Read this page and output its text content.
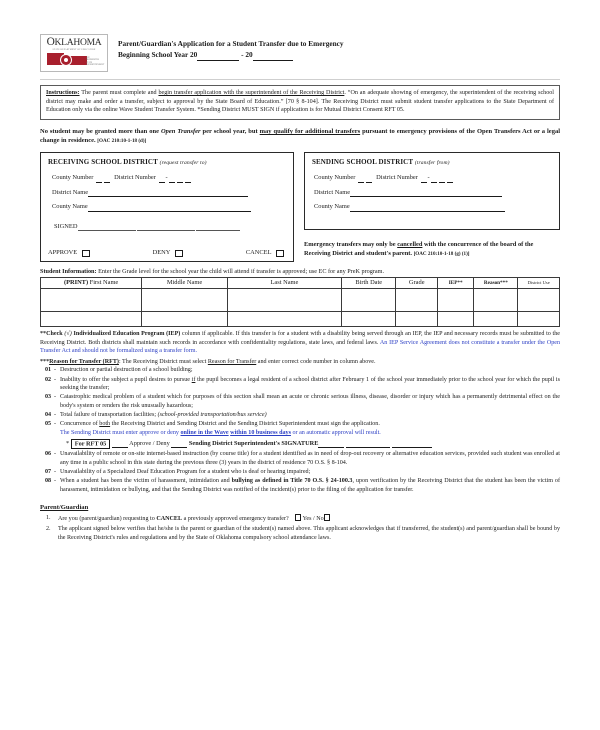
OKLAHOMA
STATE DEPARTMENT OF EDUCATION
JOY HOFMEISTER STATE SUPERINTENDENT
Parent/Guardian's Application for a Student Transfer due to Emergency
Beginning School Year 20	- 20
Instructions: The parent must complete and begin transfer application with the superintendent of the Receiving District. “On an adequate showing of emergency, the superintendent of the receiving school district may make and order a transfer, subject to approval by the State Board of Education.” [70 § 8-104]. The Receiving District must submit student transfer applications to the State Department of Education only via the online Wave Student Transfer System. *Sending District MUST SIGN if application is for Mutual District Consent RFT 05.
No student may be granted more than one Open Transfer per school year, but may qualify for additional transfers pursuant to emergency provisions of the Open Transfers Act or a legal change in residence. [OAC 210:10-1-18 (d)]
RECEIVING SCHOOL DISTRICT (request transfer to)
County Number	District Number -
District Name
County Name
SIGNED
APPROVE	DENY	CANCEL
SENDING SCHOOL DISTRICT (transfer from)
County Number	District Number -
District Name
County Name
Emergency transfers may only be cancelled with the concurrence of the board of the Receiving District and student's parent. [OAC 210:10-1-18 (g) (1)]
Student Information: Enter the Grade level for the school year the child will attend if transfer is approved; use EC for any PreK program.
(PRINT) First Name	Middle Name	Last Name	Birth Date	Grade	IEP**	Reason***	District Use

**Check (√) Individualized Education Program (IEP) column if applicable. If this transfer is for a student with a disability being served through an IEP, the IEP and necessary records must be submitted to the Receiving District. Both districts shall maintain such records in accordance with confidentiality regulations, state laws, and federal laws. An IEP Service Agreement does not constitute a transfer under the Open Transfer Act and should not be formalized using a transfer form.
***Reason for Transfer (RFT): The Receiving District must select Reason for Transfer and enter correct code number in column above.
01 - Destruction or partial destruction of a school building;
02 - Inability to offer the subject a pupil desires to pursue if the pupil becomes a legal resident of a school district after February 1 of the school year immediately prior to the school year for which the pupil is seeking the transfer;
03 - Catastrophic medical problem of a student which for purposes of this section shall mean an acute or chronic serious illness, disease, disorder or injury which has a permanently detrimental effect on the body's system or renders the risk unusually hazardous;
04 - Total failure of transportation facilities; (school-provided transportation/bus service)
05 - Concurrence of both the Receiving District and Sending District and the Sending District Superintendent must sign the application.
The Sending District must enter approve or deny online in the Wave within 10 business days or an automatic approval will result.
* For RFT 05	Approve / Deny	Sending District Superintendent's SIGNATURE
06 - Unavailability of remote or on-site internet-based instruction (by course title) for a student identified as in need of drop-out recovery or alternative education services, provided such student was enrolled at any time in a public school in this state during the previous three (3) years in the district of residence 70 O.S. § 8-104.
07 - Unavailability of a Specialized Deaf Education Program for a student who is deaf or hearing impaired;
08 - When a student has been the victim of harassment, intimidation and bullying as defined in Title 70 O.S. § 24-100.3, upon verification by the Receiving District that the student has been the victim of harassment, intimidation or bullying, and that the Sending District was notified of the incident(s) prior to the filing of the application for transfer.
Parent/Guardian
1. Are you (parent/guardian) requesting to CANCEL a previously approved emergency transfer? Yes / No
2. The applicant signed below verifies that he/she is the parent or guardian of the student(s) named above. This applicant acknowledges that if transferred, the student(s) and parent/guardian shall be bound by the Receiving District's rules and regulations and by the State of Oklahoma compulsory school attendance laws.
